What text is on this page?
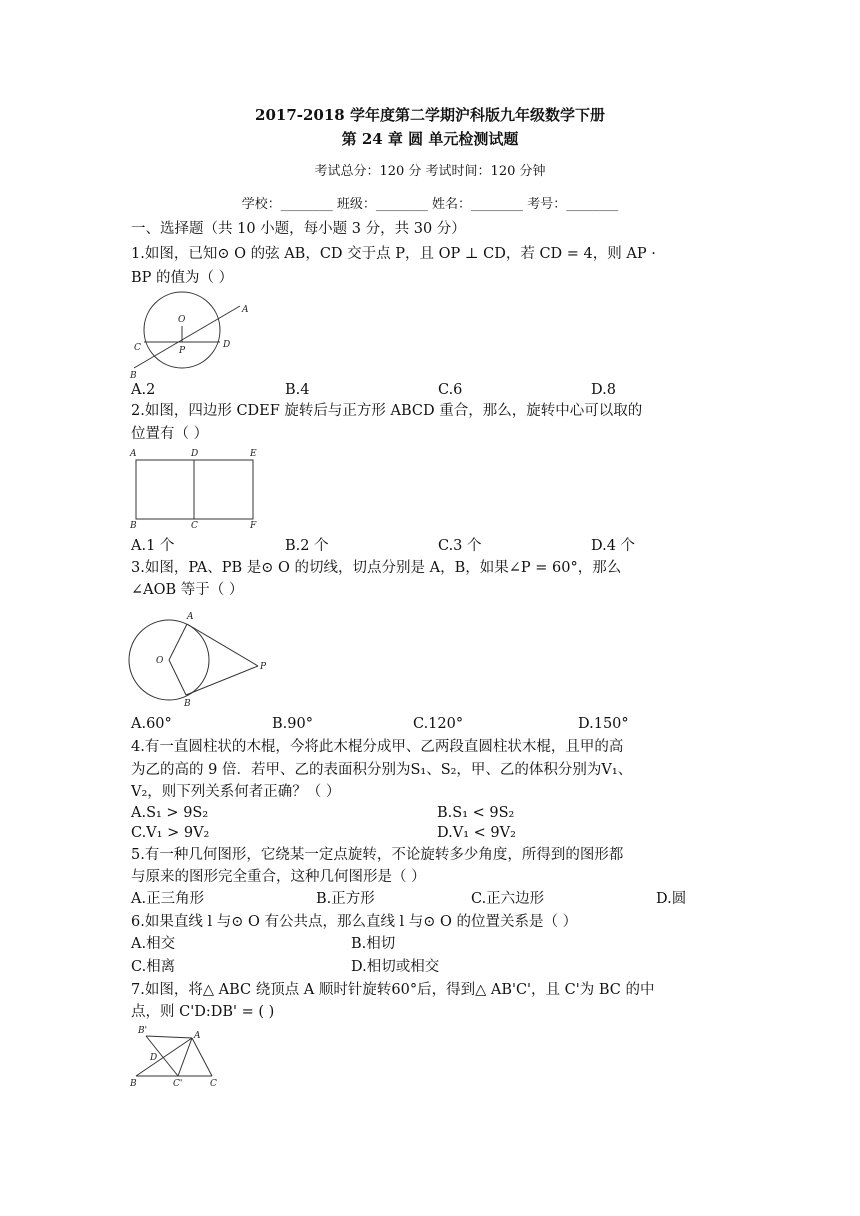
2017-2018 学年度第二学期沪科版九年级数学下册
第 24 章 圆 单元检测试题
考试总分：120 分 考试时间：120 分钟
学校：________ 班级：________ 姓名：________ 考号：________
一、选择题（共 10 小题，每小题 3 分，共 30 分）
1.如图，已知⊙ O 的弦 AB，CD 交于点 P，且 OP ⊥ CD，若 CD = 4，则 AP ·
BP 的值为（ ）
O
A
C	P
D
B
A.2	B.4	C.6	D.8
2.如图，四边形 CDEF 旋转后与正方形 ABCD 重合，那么，旋转中心可以取的
位置有（ ）
A	D	E
B	C	F
A.1 个	B.2 个	C.3 个	D.4 个
3.如图，PA、PB 是⊙ O 的切线，切点分别是 A，B，如果∠P = 60°，那么
∠AOB 等于（ ）
A
O
P
B
A.60°	B.90°	C.120°	D.150°
4.有一直圆柱状的木棍，今将此木棍分成甲、乙两段直圆柱状木棍，且甲的高
为乙的高的 9 倍．若甲、乙的表面积分别为S₁、S₂，甲、乙的体积分别为V₁、
V₂，则下列关系何者正确？（ ）
A.S₁ > 9S₂	B.S₁ < 9S₂
C.V₁ > 9V₂	D.V₁ < 9V₂
5.有一种几何图形，它绕某一定点旋转，不论旋转多少角度，所得到的图形都
与原来的图形完全重合，这种几何图形是（ ）
A.正三角形	B.正方形	C.正六边形	D.圆
6.如果直线 l 与⊙ O 有公共点，那么直线 l 与⊙ O 的位置关系是（ ）
A.相交	B.相切
C.相离	D.相切或相交
7.如图，将△ ABC 绕顶点 A 顺时针旋转60°后，得到△ AB'C'，且 C'为 BC 的中
点，则 C'D:DB' = ( )
B'	A
D
B	C'	C
